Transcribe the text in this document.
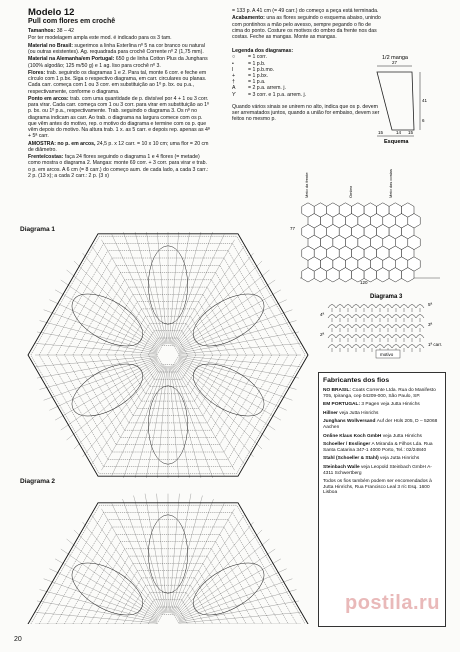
Modelo 12
Pull com flores em crochê

Tamanhos: 38 – 42

Por ter modelagem ampla este mod. é indicado para os 3 tam.

Material no Brasil: sugerimos a linha Esterlina nº 5 na cor branco ou natural (ou outras existentes). Ag. requadrada para crochê Corrente nº 2 (1,75 mm).

Material na Alemanha/em Portugal: 650 g de linha Cotton Plus da Junghans (100% algodão; 125 m/50 g) e 1 ag. liso para crochê nº 3.

Flores: trab. seguindo os diagramas 1 e 2. Para tal, monte 6 corr. e feche em círculo com 1 p.bx. Siga o respectivo diagrama, em carr. circulares ou planas. Cada carr. começa com 1 ou 3 corr. em substituição ao 1º p. bx. ou p.a., respectivamente, conforme o diagrama.

Ponto em arcos: trab. com uma quantidade de p. divisível por 4 + 1 ou 3 corr. para virar. Cada carr. começa com 1 ou 3 corr. para virar em substituição ao 1º p. bx. ou 1º p.a., respectivamente. Trab. seguindo o diagrama 3. Os nº no diagrama indicam as carr. Ao trab. o diagrama na largura comece com os p. que vêm antes do motivo, rep. o motivo do diagrama e termine com os p. que vêm depois do motivo. Na altura trab. 1 x. as 5 carr. e depois rep. apenas as 4ª + 5ª carr.

AMOSTRA: no p. em arcos, 24,5 p. x 12 carr. = 10 x 10 cm; uma flor = 20 cm de diâmetro.

Frente/costas: faça 24 flores seguindo o diagrama 1 e 4 flores (= metade) como mostra o diagrama 2. Mangas: monte 69 corr. + 3 corr. para virar e trab. o p. em arcos. A 6 cm (= 8 carr.) do começo aum. de cada lado, a cada 3 carr.: 2 p. (13 x); a cada 2 carr.: 2 p. (3 x)

= 133 p. A 41 cm (= 49 carr.) do começo a peça está terminada.

Acabamento: una as flores seguindo o esquema abaixo, unindo com pontinhos a mão pelo avesso, sempre pegando o fio de cima do ponto. Costure os motivos do ombro da frente nos das costas. Feche as mangas. Monte as mangas.

Legenda dos diagramas:
○	= 1 corr.
•	= 1 p.b.
I	= 1 p.b.mo.
+	= 1 p.bx.
†	= 1 p.a.
A	= 2 p.a. arrem. j.
ϒ	= 3 corr. e 1 p.a. arrem. j.

Quando vários sinais se unirem no alto, indica que os p. devem ser arrematados juntos, quando a união for embaixo, devem ser feitos no mesmo p.

1/2 manga
27
41
6
15	14 15
Esquema
Meio da frente	Ombro	Meio das costas
77
120
Diagrama 3
5ª
4ª
3ª
2ª
1ª carr.
motivo
Diagrama 1
Diagrama 2
Fabricantes dos fios

NO BRASIL: Coats Corrente Ltda. Rua do Manifesto 705, Ipiranga, cep 04209-000, São Paulo, SP.

EM PORTUGAL: 3 Pagen veja Jutta Hinrichs

Hillner veja Jutta Hinrichs

Junghans Wollversand Auf der Hüls 205, D – 52068 Aachen

Online Klaus Koch GmbH veja Jutta Hinrichs

Schoeller / Esslinger A Miranda & Filhos Lda. Rua Santa Catarina 347-1 4000 Porto, Tel.: 02/24840

Stahl (Schoeller & Stahl) veja Jutta Hinrichs

Steinbach Walle veja Leopold Steinbach GmbH A-4311 Schwertberg

Todos os fios também podem ser encomendados à Jutta Hinrichs, Rua Francisco Leal 3 r/c Esq. 1600 Lisboa

postila.ru
20
